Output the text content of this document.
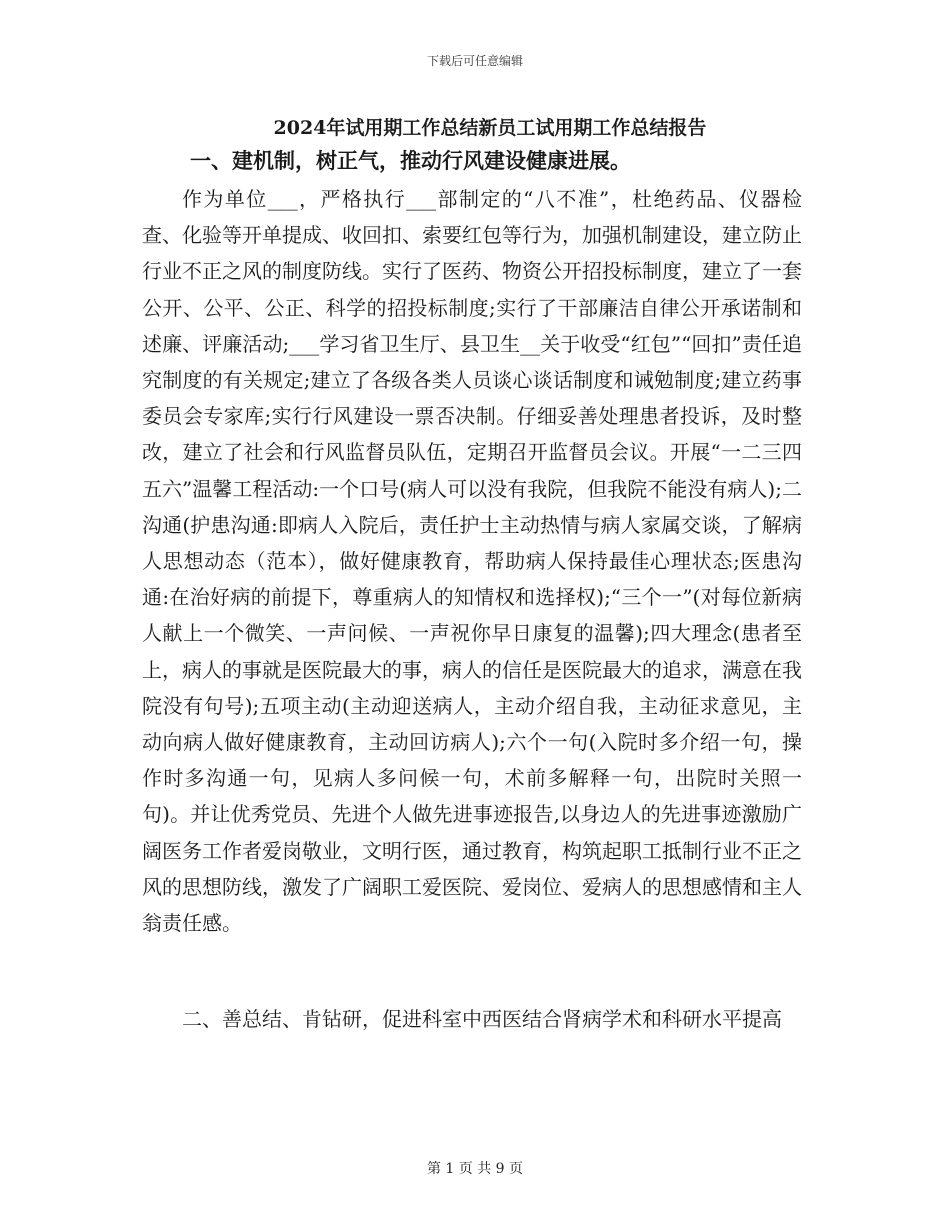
下载后可任意编辑
2024年试用期工作总结新员工试用期工作总结报告
一、建机制，树正气，推动行风建设健康进展。

作为单位___，严格执行___部制定的“八不准”，杜绝药品、仪器检查、化验等开单提成、收回扣、索要红包等行为，加强机制建设，建立防止行业不正之风的制度防线。实行了医药、物资公开招投标制度，建立了一套公开、公平、公正、科学的招投标制度;实行了干部廉洁自律公开承诺制和述廉、评廉活动;___学习省卫生厅、县卫生__关于收受“红包”“回扣”责任追究制度的有关规定;建立了各级各类人员谈心谈话制度和诫勉制度;建立药事委员会专家库;实行行风建设一票否决制。仔细妥善处理患者投诉，及时整改，建立了社会和行风监督员队伍，定期召开监督员会议。开展“一二三四五六”温馨工程活动:一个口号(病人可以没有我院，但我院不能没有病人);二沟通(护患沟通:即病人入院后，责任护士主动热情与病人家属交谈，了解病人思想动态（范本），做好健康教育，帮助病人保持最佳心理状态;医患沟通:在治好病的前提下，尊重病人的知情权和选择权);“三个一”(对每位新病人献上一个微笑、一声问候、一声祝你早日康复的温馨);四大理念(患者至上，病人的事就是医院最大的事，病人的信任是医院最大的追求，满意在我院没有句号);五项主动(主动迎送病人，主动介绍自我，主动征求意见，主动向病人做好健康教育，主动回访病人);六个一句(入院时多介绍一句，操作时多沟通一句，见病人多问候一句，术前多解释一句，出院时关照一句)。并让优秀党员、先进个人做先进事迹报告,以身边人的先进事迹激励广阔医务工作者爱岗敬业，文明行医，通过教育，构筑起职工抵制行业不正之风的思想防线，激发了广阔职工爱医院、爱岗位、爱病人的思想感情和主人翁责任感。

二、善总结、肯钻研，促进科室中西医结合肾病学术和科研水平提高

第 1 页 共 9 页
